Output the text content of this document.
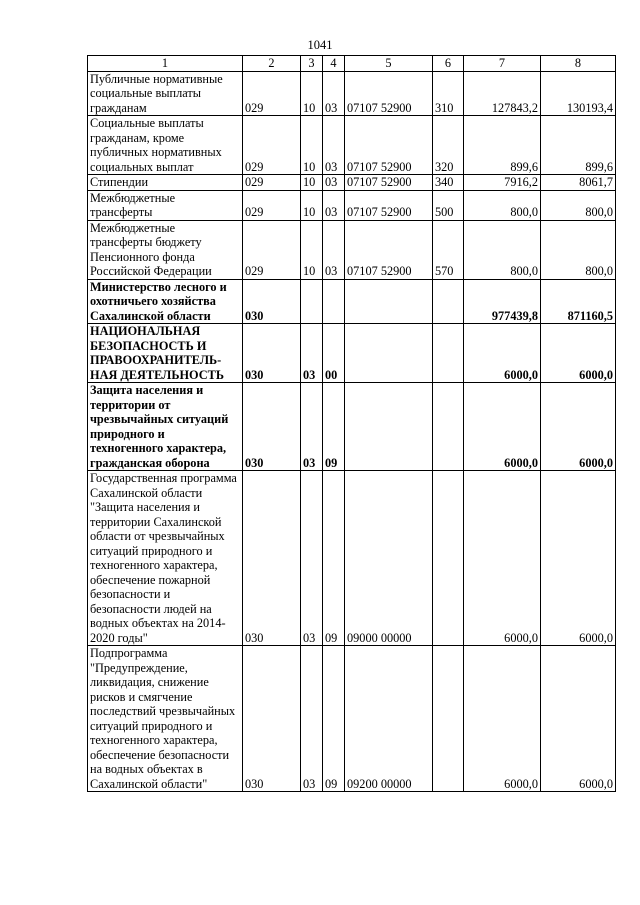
1041
1	2	3	4	5	6	7	8
Публичные нормативные социальные выплаты гражданам	029	10	03	07107 52900	310	127843,2	130193,4
Социальные выплаты гражданам, кроме публичных нормативных социальных выплат	029	10	03	07107 52900	320	899,6	899,6
Стипендии	029	10	03	07107 52900	340	7916,2	8061,7
Межбюджетные трансферты	029	10	03	07107 52900	500	800,0	800,0
Межбюджетные трансферты бюджету Пенсионного фонда Российской Федерации	029	10	03	07107 52900	570	800,0	800,0
Министерство лесного и охотничьего хозяйства Сахалинской области	030					977439,8	871160,5
НАЦИОНАЛЬНАЯ БЕЗОПАСНОСТЬ И ПРАВООХРАНИТЕЛЬ-НАЯ ДЕЯТЕЛЬНОСТЬ	030	03	00			6000,0	6000,0
Защита населения и территории от чрезвычайных ситуаций природного и техногенного характера, гражданская оборона	030	03	09			6000,0	6000,0
Государственная программа Сахалинской области "Защита населения и территории Сахалинской области от чрезвычайных ситуаций природного и техногенного характера, обеспечение пожарной безопасности и безопасности людей на водных объектах на 2014-2020 годы"	030	03	09	09000 00000		6000,0	6000,0
Подпрограмма "Предупреждение, ликвидация, снижение рисков и смягчение последствий чрезвычайных ситуаций природного и техногенного характера, обеспечение безопасности на водных объектах в Сахалинской области"	030	03	09	09200 00000		6000,0	6000,0
